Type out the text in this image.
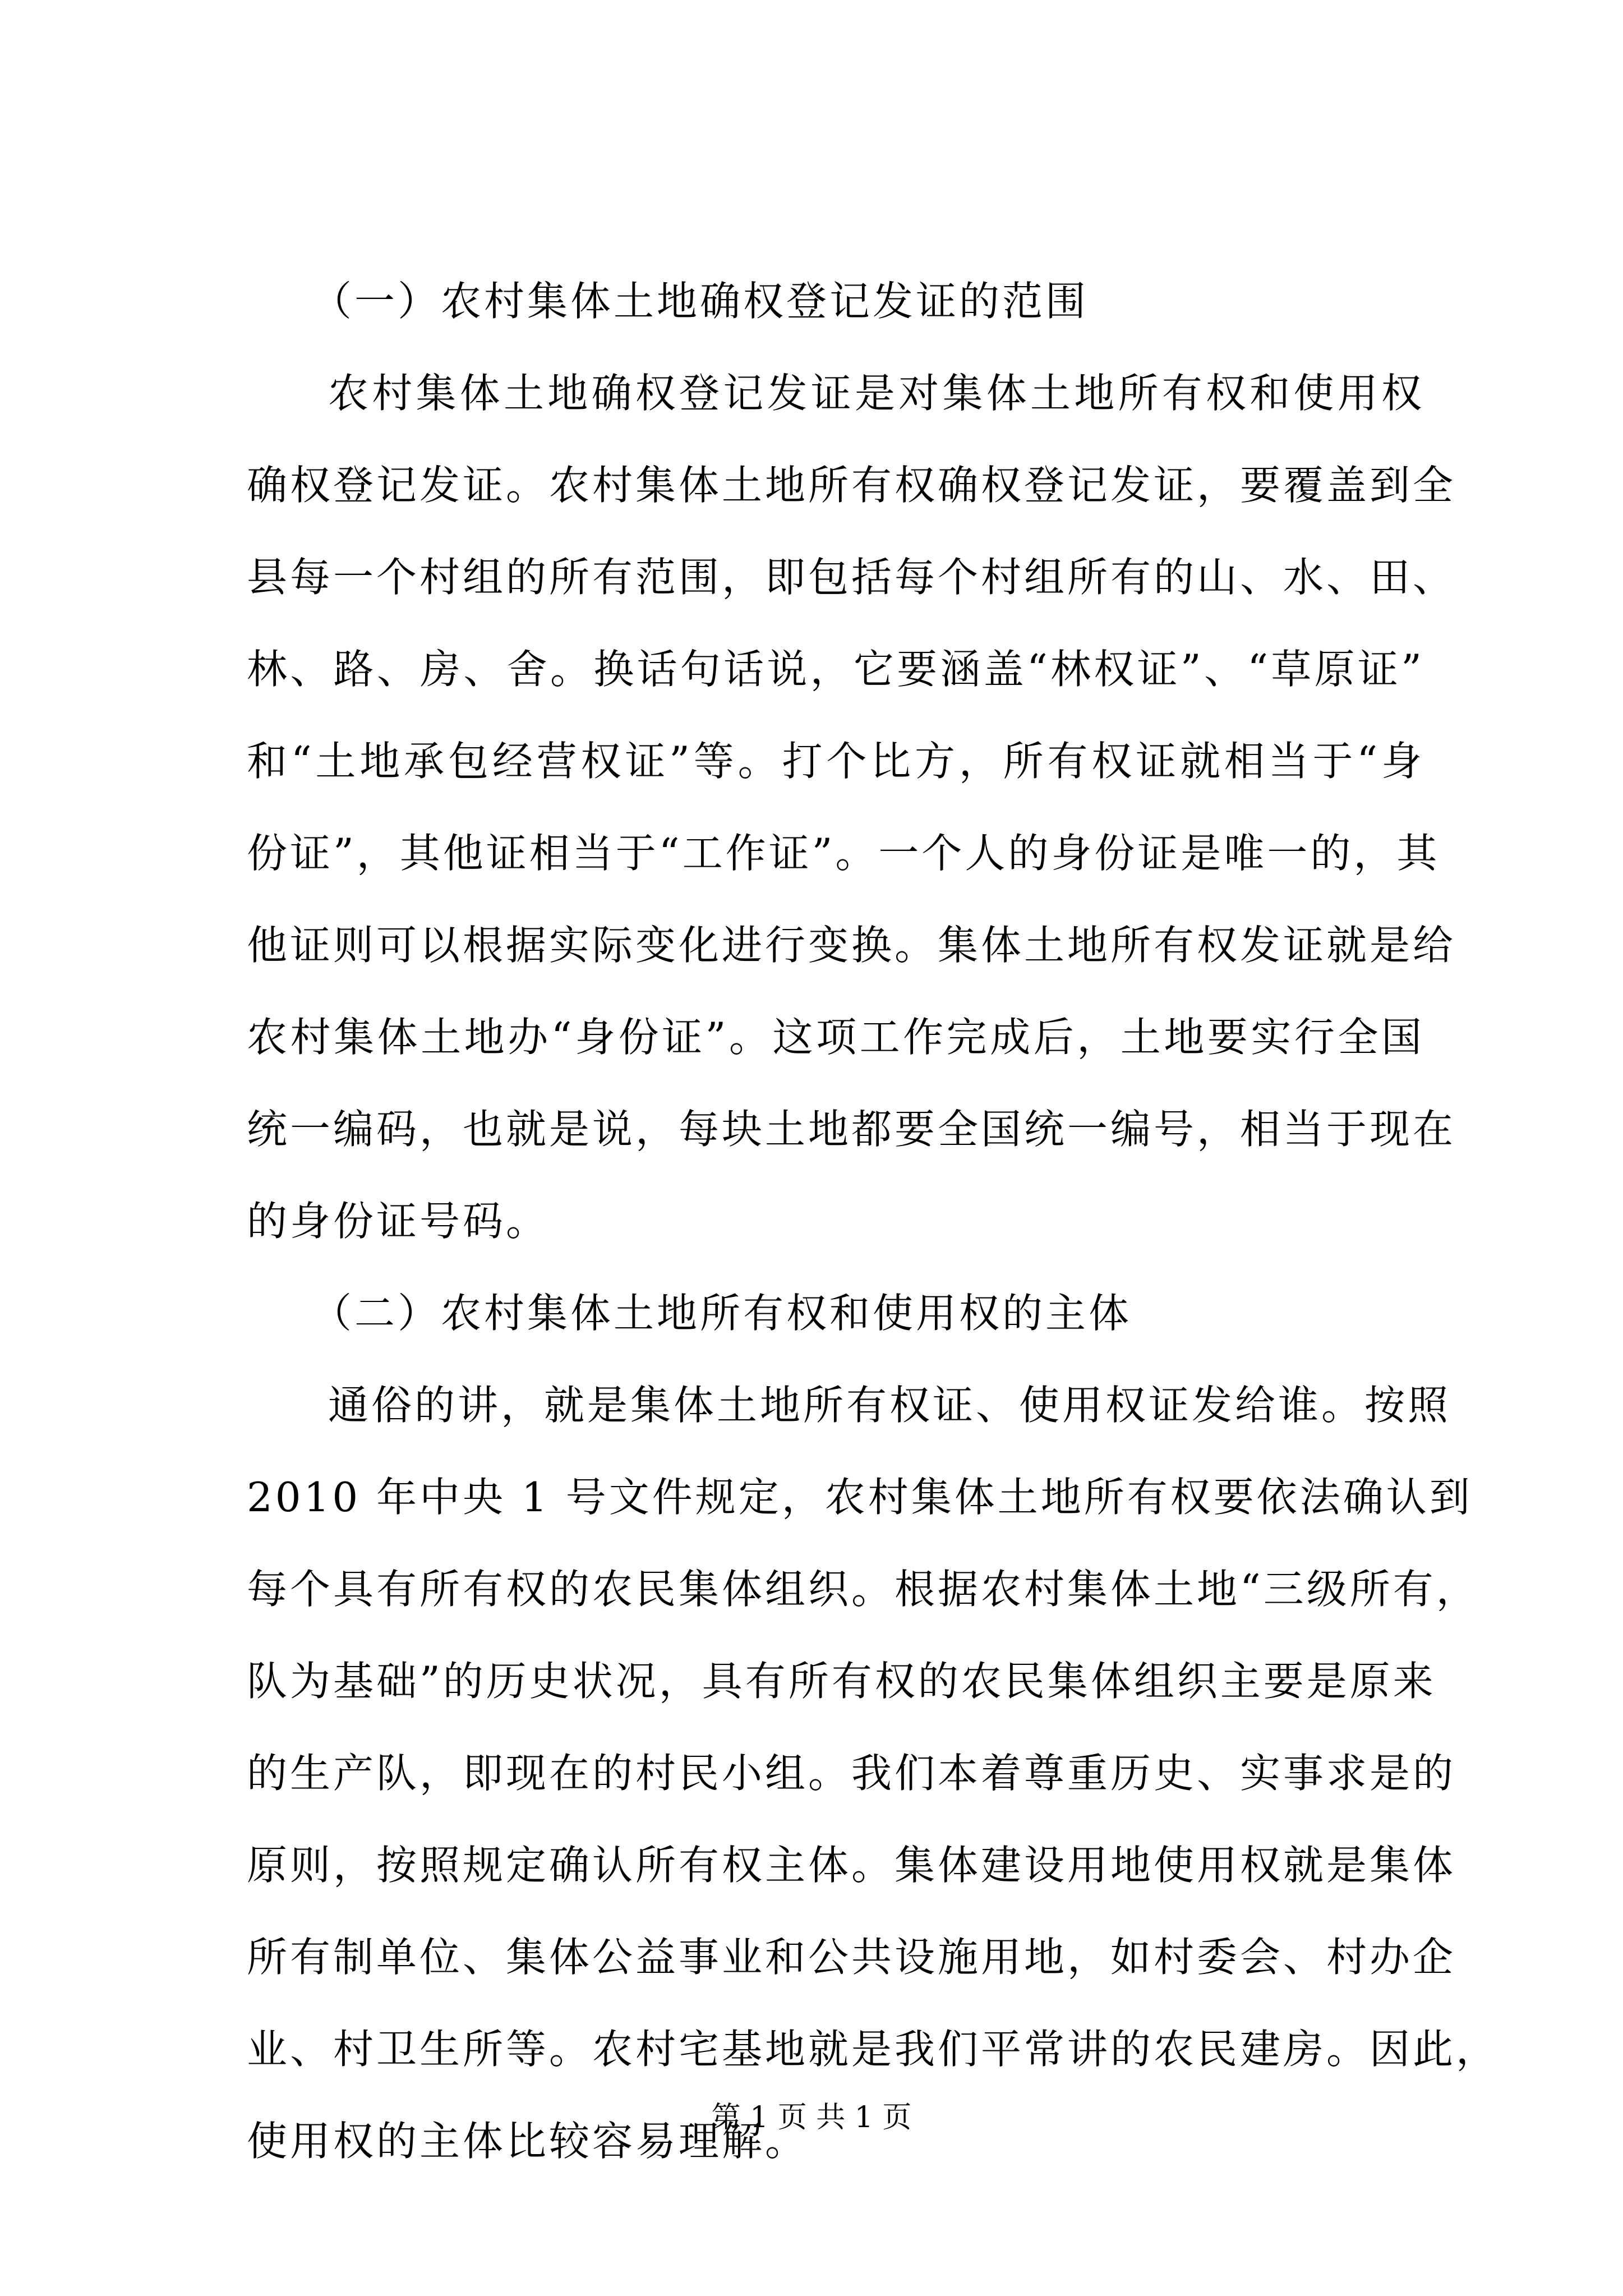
（一）农村集体土地确权登记发证的范围
农村集体土地确权登记发证是对集体土地所有权和使用权
确权登记发证。农村集体土地所有权确权登记发证，要覆盖到全
县每一个村组的所有范围，即包括每个村组所有的山、水、田、
林、路、房、舍。换话句话说，它要涵盖“林权证”、“草原证”
和“土地承包经营权证”等。打个比方，所有权证就相当于“身
份证”，其他证相当于“工作证”。一个人的身份证是唯一的，其
他证则可以根据实际变化进行变换。集体土地所有权发证就是给
农村集体土地办“身份证”。这项工作完成后，土地要实行全国
统一编码，也就是说，每块土地都要全国统一编号，相当于现在
的身份证号码。
（二）农村集体土地所有权和使用权的主体
通俗的讲，就是集体土地所有权证、使用权证发给谁。按照
2010 年中央 1 号文件规定，农村集体土地所有权要依法确认到
每个具有所有权的农民集体组织。根据农村集体土地“三级所有，
队为基础”的历史状况，具有所有权的农民集体组织主要是原来
的生产队，即现在的村民小组。我们本着尊重历史、实事求是的
原则，按照规定确认所有权主体。集体建设用地使用权就是集体
所有制单位、集体公益事业和公共设施用地，如村委会、村办企
业、村卫生所等。农村宅基地就是我们平常讲的农民建房。因此，
使用权的主体比较容易理解。
第 1 页 共 1 页
